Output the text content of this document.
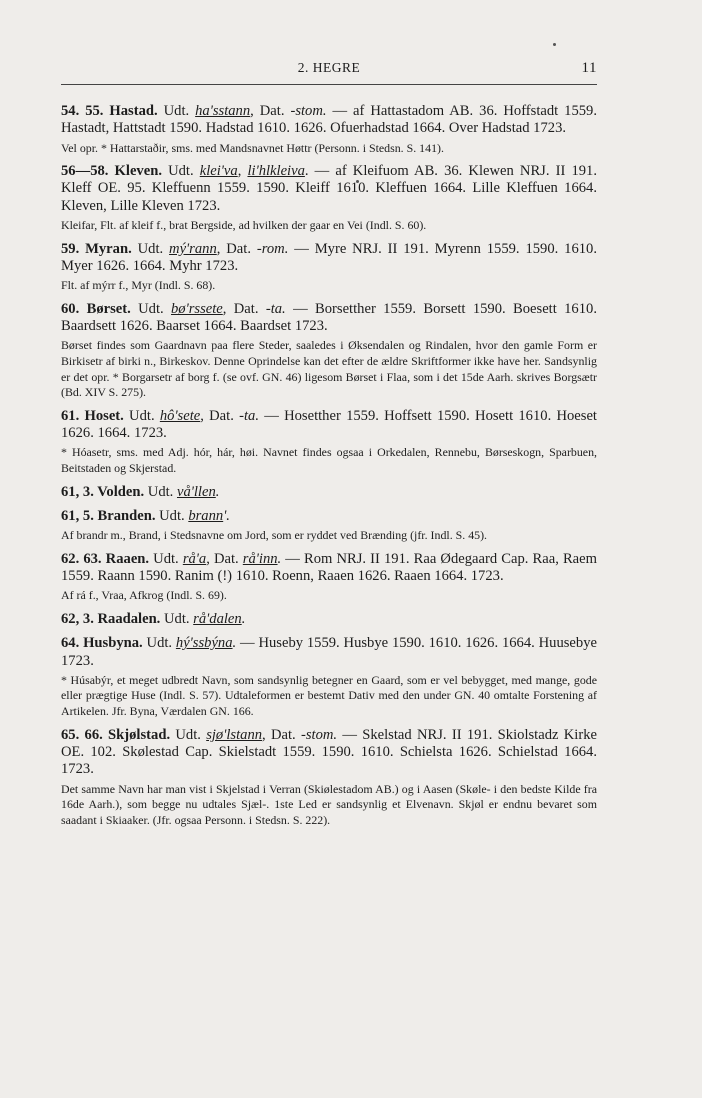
2. HEGRE	11
54. 55. Hastad. Udt. ha'sstann, Dat. -stom. — af Hattastadom AB. 36. Hoffstadt 1559. Hastadt, Hattstadt 1590. Hadstad 1610. 1626. Ofuerhadstad 1664. Over Hadstad 1723.
Vel opr. * Hattarstaðir, sms. med Mandsnavnet Høttr (Personn. i Stedsn. S. 141).
56—58. Kleven. Udt. klei'va, li'hlkleiva. — af Kleifuom AB. 36. Klewen NRJ. II 191. Kleff OE. 95. Kleffuenn 1559. 1590. Kleiff 1610. Kleffuen 1664. Lille Kleffuen 1664. Kleven, Lille Kleven 1723.
Kleifar, Flt. af kleif f., brat Bergside, ad hvilken der gaar en Vei (Indl. S. 60).
59. Myran. Udt. mý'rann, Dat. -rom. — Myre NRJ. II 191. Myrenn 1559. 1590. 1610. Myer 1626. 1664. Myhr 1723.
Flt. af mýrr f., Myr (Indl. S. 68).
60. Børset. Udt. bø'rssete, Dat. -ta. — Borsetther 1559. Borsett 1590. Boesett 1610. Baardsett 1626. Baarset 1664. Baardset 1723.
Børset findes som Gaardnavn paa flere Steder, saaledes i Øksendalen og Rindalen, hvor den gamle Form er Birkisetr af birki n., Birkeskov. Denne Oprindelse kan det efter de ældre Skriftformer ikke have her. Sandsynlig er det opr. * Borgarsetr af borg f. (se ovf. GN. 46) ligesom Børset i Flaa, som i det 15de Aarh. skrives Borgsætr (Bd. XIV S. 275).
61. Hoset. Udt. hô'sete, Dat. -ta. — Hosetther 1559. Hoffsett 1590. Hosett 1610. Hoeset 1626. 1664. 1723.
* Hóasetr, sms. med Adj. hór, hár, høi. Navnet findes ogsaa i Orkedalen, Rennebu, Børseskogn, Sparbuen, Beitstaden og Skjerstad.
61, 3. Volden. Udt. vå'llen.
61, 5. Branden. Udt. brann'.
Af brandr m., Brand, i Stedsnavne om Jord, som er ryddet ved Brænding (jfr. Indl. S. 45).
62. 63. Raaen. Udt. rå'a, Dat. rå'inn. — Rom NRJ. II 191. Raa Ødegaard Cap. Raa, Raem 1559. Raann 1590. Ranim (!) 1610. Roenn, Raaen 1626. Raaen 1664. 1723.
Af rá f., Vraa, Afkrog (Indl. S. 69).
62, 3. Raadalen. Udt. rå'dalen.
64. Husbyna. Udt. hý'ssbýna. — Huseby 1559. Husbye 1590. 1610. 1626. 1664. Huusebye 1723.
* Húsabýr, et meget udbredt Navn, som sandsynlig betegner en Gaard, som er vel bebygget, med mange, gode eller prægtige Huse (Indl. S. 57). Udtaleformen er bestemt Dativ med den under GN. 40 omtalte Forstening af Artikelen. Jfr. Byna, Værdalen GN. 166.
65. 66. Skjølstad. Udt. sjø'lstann, Dat. -stom. — Skelstad NRJ. II 191. Skiolstadz Kirke OE. 102. Skølestad Cap. Skielstadt 1559. 1590. 1610. Schielsta 1626. Schielstad 1664. 1723.
Det samme Navn har man vist i Skjelstad i Verran (Skiølestadom AB.) og i Aasen (Skøle- i den bedste Kilde fra 16de Aarh.), som begge nu udtales Sjæl-. 1ste Led er sandsynlig et Elvenavn. Skjøl er endnu bevaret som saadant i Skiaaker. (Jfr. ogsaa Personn. i Stedsn. S. 222).
